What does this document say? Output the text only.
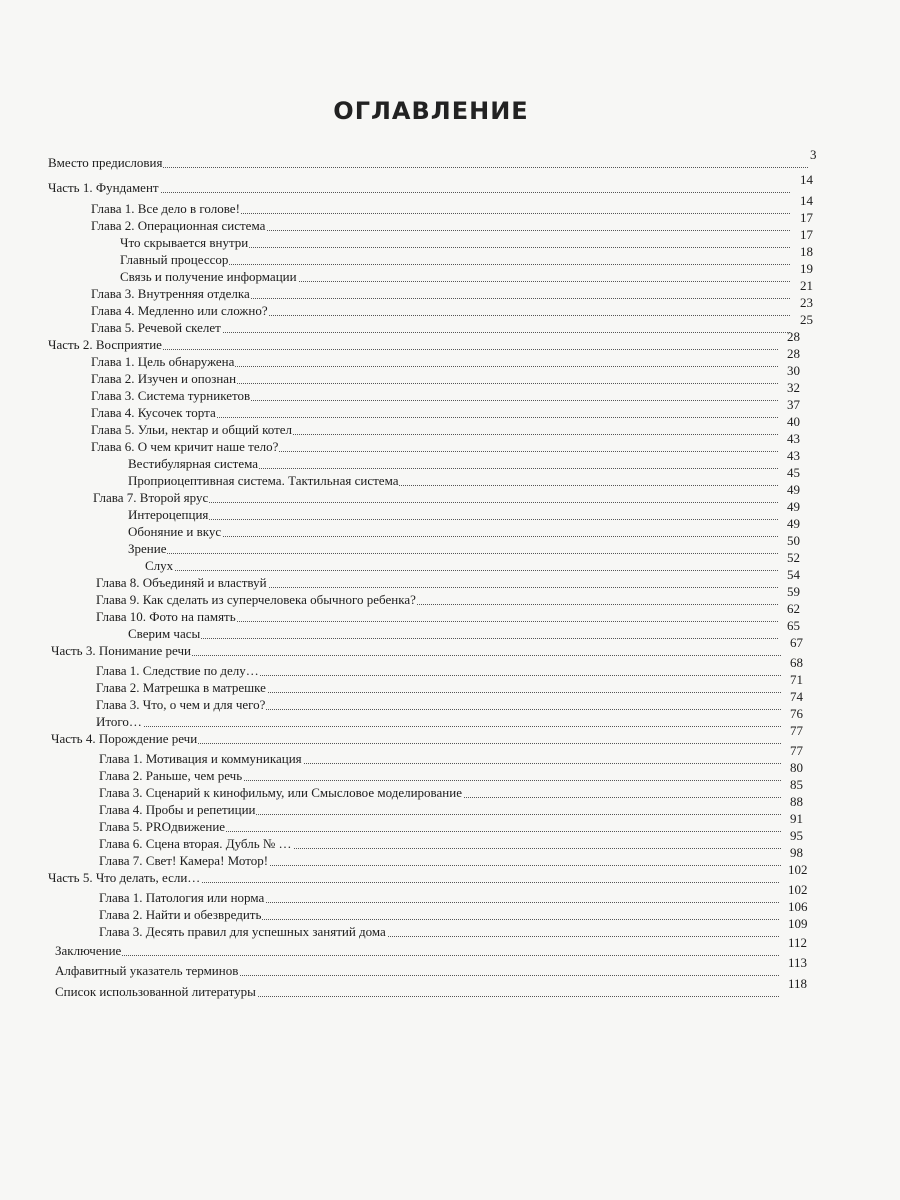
ОГЛАВЛЕНИЕ
Вместо предисловия
3
Часть 1. Фундамент
14
Глава 1. Все дело в голове!
14
Глава 2. Операционная система
17
Что скрывается внутри
17
Главный процессор
18
Связь и получение информации
19
Глава 3. Внутренняя отделка
21
Глава 4. Медленно или сложно?
23
Глава 5. Речевой скелет
25
Часть 2. Восприятие
28
Глава 1. Цель обнаружена
28
Глава 2. Изучен и опознан
30
Глава 3. Система турникетов
32
Глава 4. Кусочек торта
37
Глава 5. Ульи, нектар и общий котел
40
Глава 6. О чем кричит наше тело?
43
Вестибулярная система
43
Проприоцептивная система. Тактильная система
45
Глава 7. Второй ярус
49
Интероцепция
49
Обоняние и вкус
49
Зрение
50
Слух
52
Глава 8. Объединяй и властвуй
54
Глава 9. Как сделать из суперчеловека обычного ребенка?
59
Глава 10. Фото на память
62
Сверим часы
65
Часть 3. Понимание речи
67
Глава 1. Следствие по делу…
68
Глава 2. Матрешка в матрешке
71
Глава 3. Что, о чем и для чего?
74
Итого…
76
Часть 4. Порождение речи
77
Глава 1. Мотивация и коммуникация
77
Глава 2. Раньше, чем речь
80
Глава 3. Сценарий к кинофильму, или Смысловое моделирование
85
Глава 4. Пробы и репетиции
88
Глава 5. PROдвижение
91
Глава 6. Сцена вторая. Дубль № …
95
Глава 7. Свет! Камера! Мотор!
98
Часть 5. Что делать, если…
102
Глава 1. Патология или норма
102
Глава 2. Найти и обезвредить
106
Глава 3. Десять правил для успешных занятий дома
109
Заключение
112
Алфавитный указатель терминов
113
Список использованной литературы
118
